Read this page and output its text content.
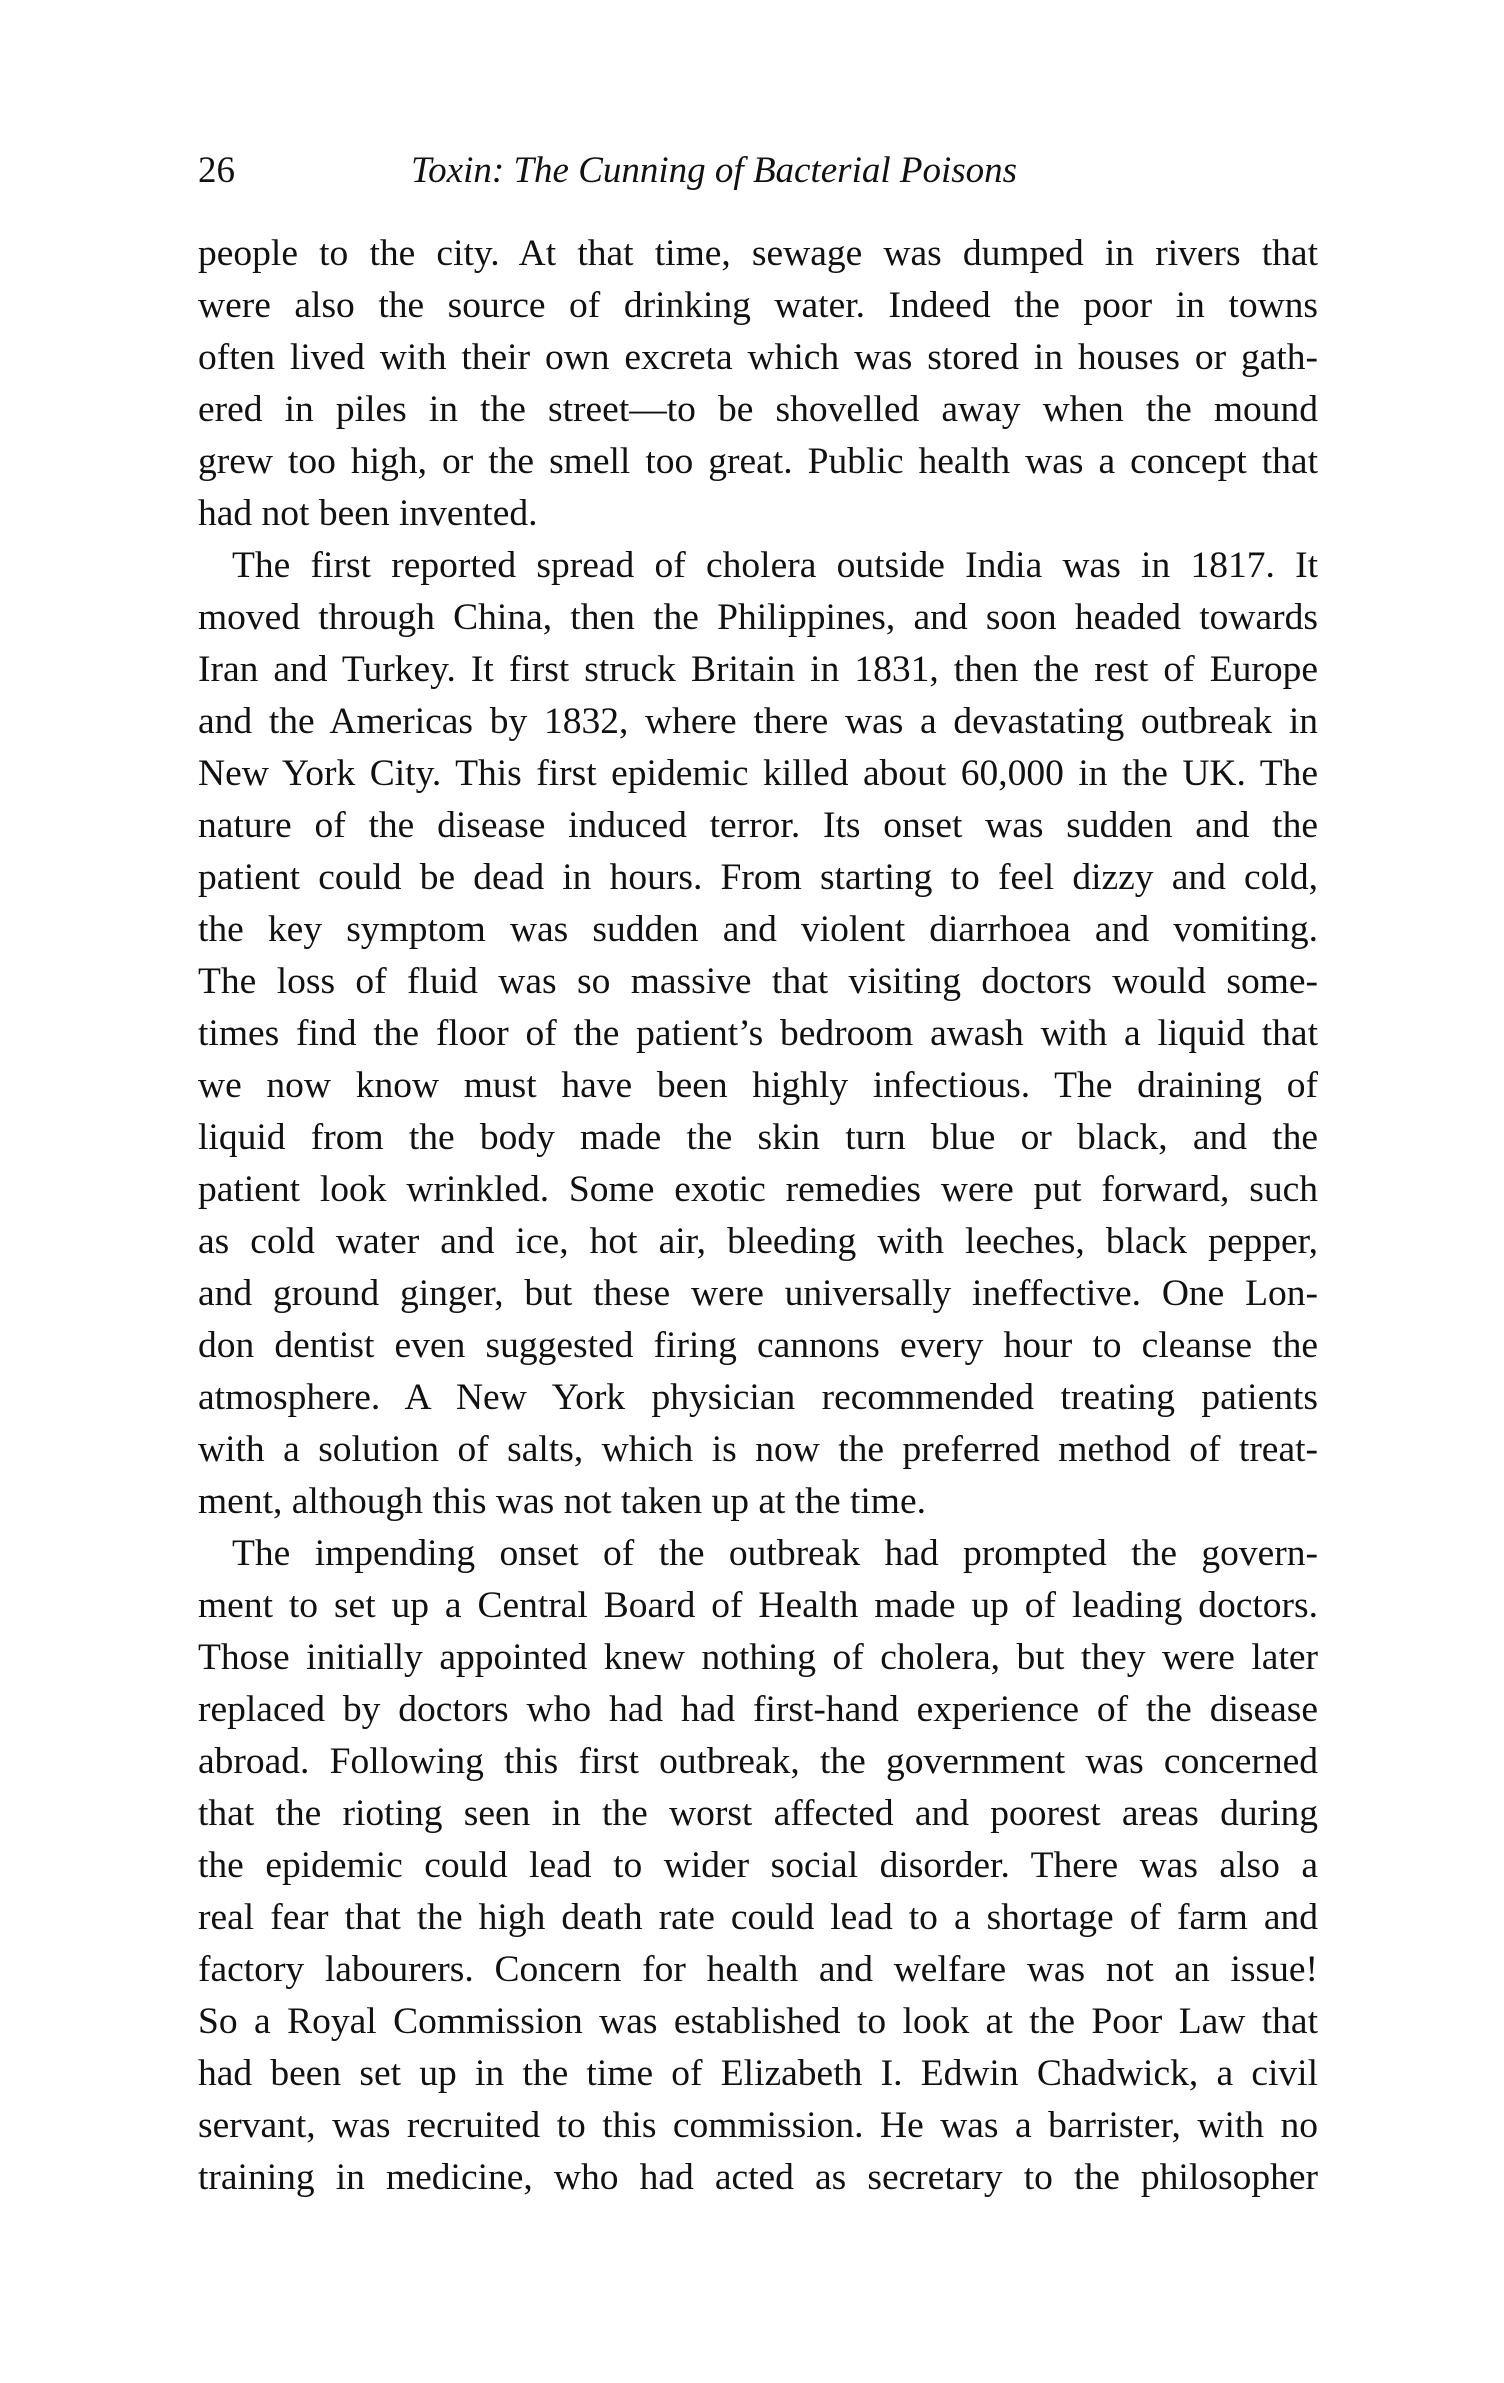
26	Toxin: The Cunning of Bacterial Poisons
people to the city. At that time, sewage was dumped in rivers that
were also the source of drinking water. Indeed the poor in towns
often lived with their own excreta which was stored in houses or gath-
ered in piles in the street—to be shovelled away when the mound
grew too high, or the smell too great. Public health was a concept that
had not been invented.
The first reported spread of cholera outside India was in 1817. It
moved through China, then the Philippines, and soon headed towards
Iran and Turkey. It first struck Britain in 1831, then the rest of Europe
and the Americas by 1832, where there was a devastating outbreak in
New York City. This first epidemic killed about 60,000 in the UK. The
nature of the disease induced terror. Its onset was sudden and the
patient could be dead in hours. From starting to feel dizzy and cold,
the key symptom was sudden and violent diarrhoea and vomiting.
The loss of fluid was so massive that visiting doctors would some-
times find the floor of the patient’s bedroom awash with a liquid that
we now know must have been highly infectious. The draining of
liquid from the body made the skin turn blue or black, and the
patient look wrinkled. Some exotic remedies were put forward, such
as cold water and ice, hot air, bleeding with leeches, black pepper,
and ground ginger, but these were universally ineffective. One Lon-
don dentist even suggested firing cannons every hour to cleanse the
atmosphere. A New York physician recommended treating patients
with a solution of salts, which is now the preferred method of treat-
ment, although this was not taken up at the time.
The impending onset of the outbreak had prompted the govern-
ment to set up a Central Board of Health made up of leading doctors.
Those initially appointed knew nothing of cholera, but they were later
replaced by doctors who had had first-hand experience of the disease
abroad. Following this first outbreak, the government was concerned
that the rioting seen in the worst affected and poorest areas during
the epidemic could lead to wider social disorder. There was also a
real fear that the high death rate could lead to a shortage of farm and
factory labourers. Concern for health and welfare was not an issue!
So a Royal Commission was established to look at the Poor Law that
had been set up in the time of Elizabeth I. Edwin Chadwick, a civil
servant, was recruited to this commission. He was a barrister, with no
training in medicine, who had acted as secretary to the philosopher
